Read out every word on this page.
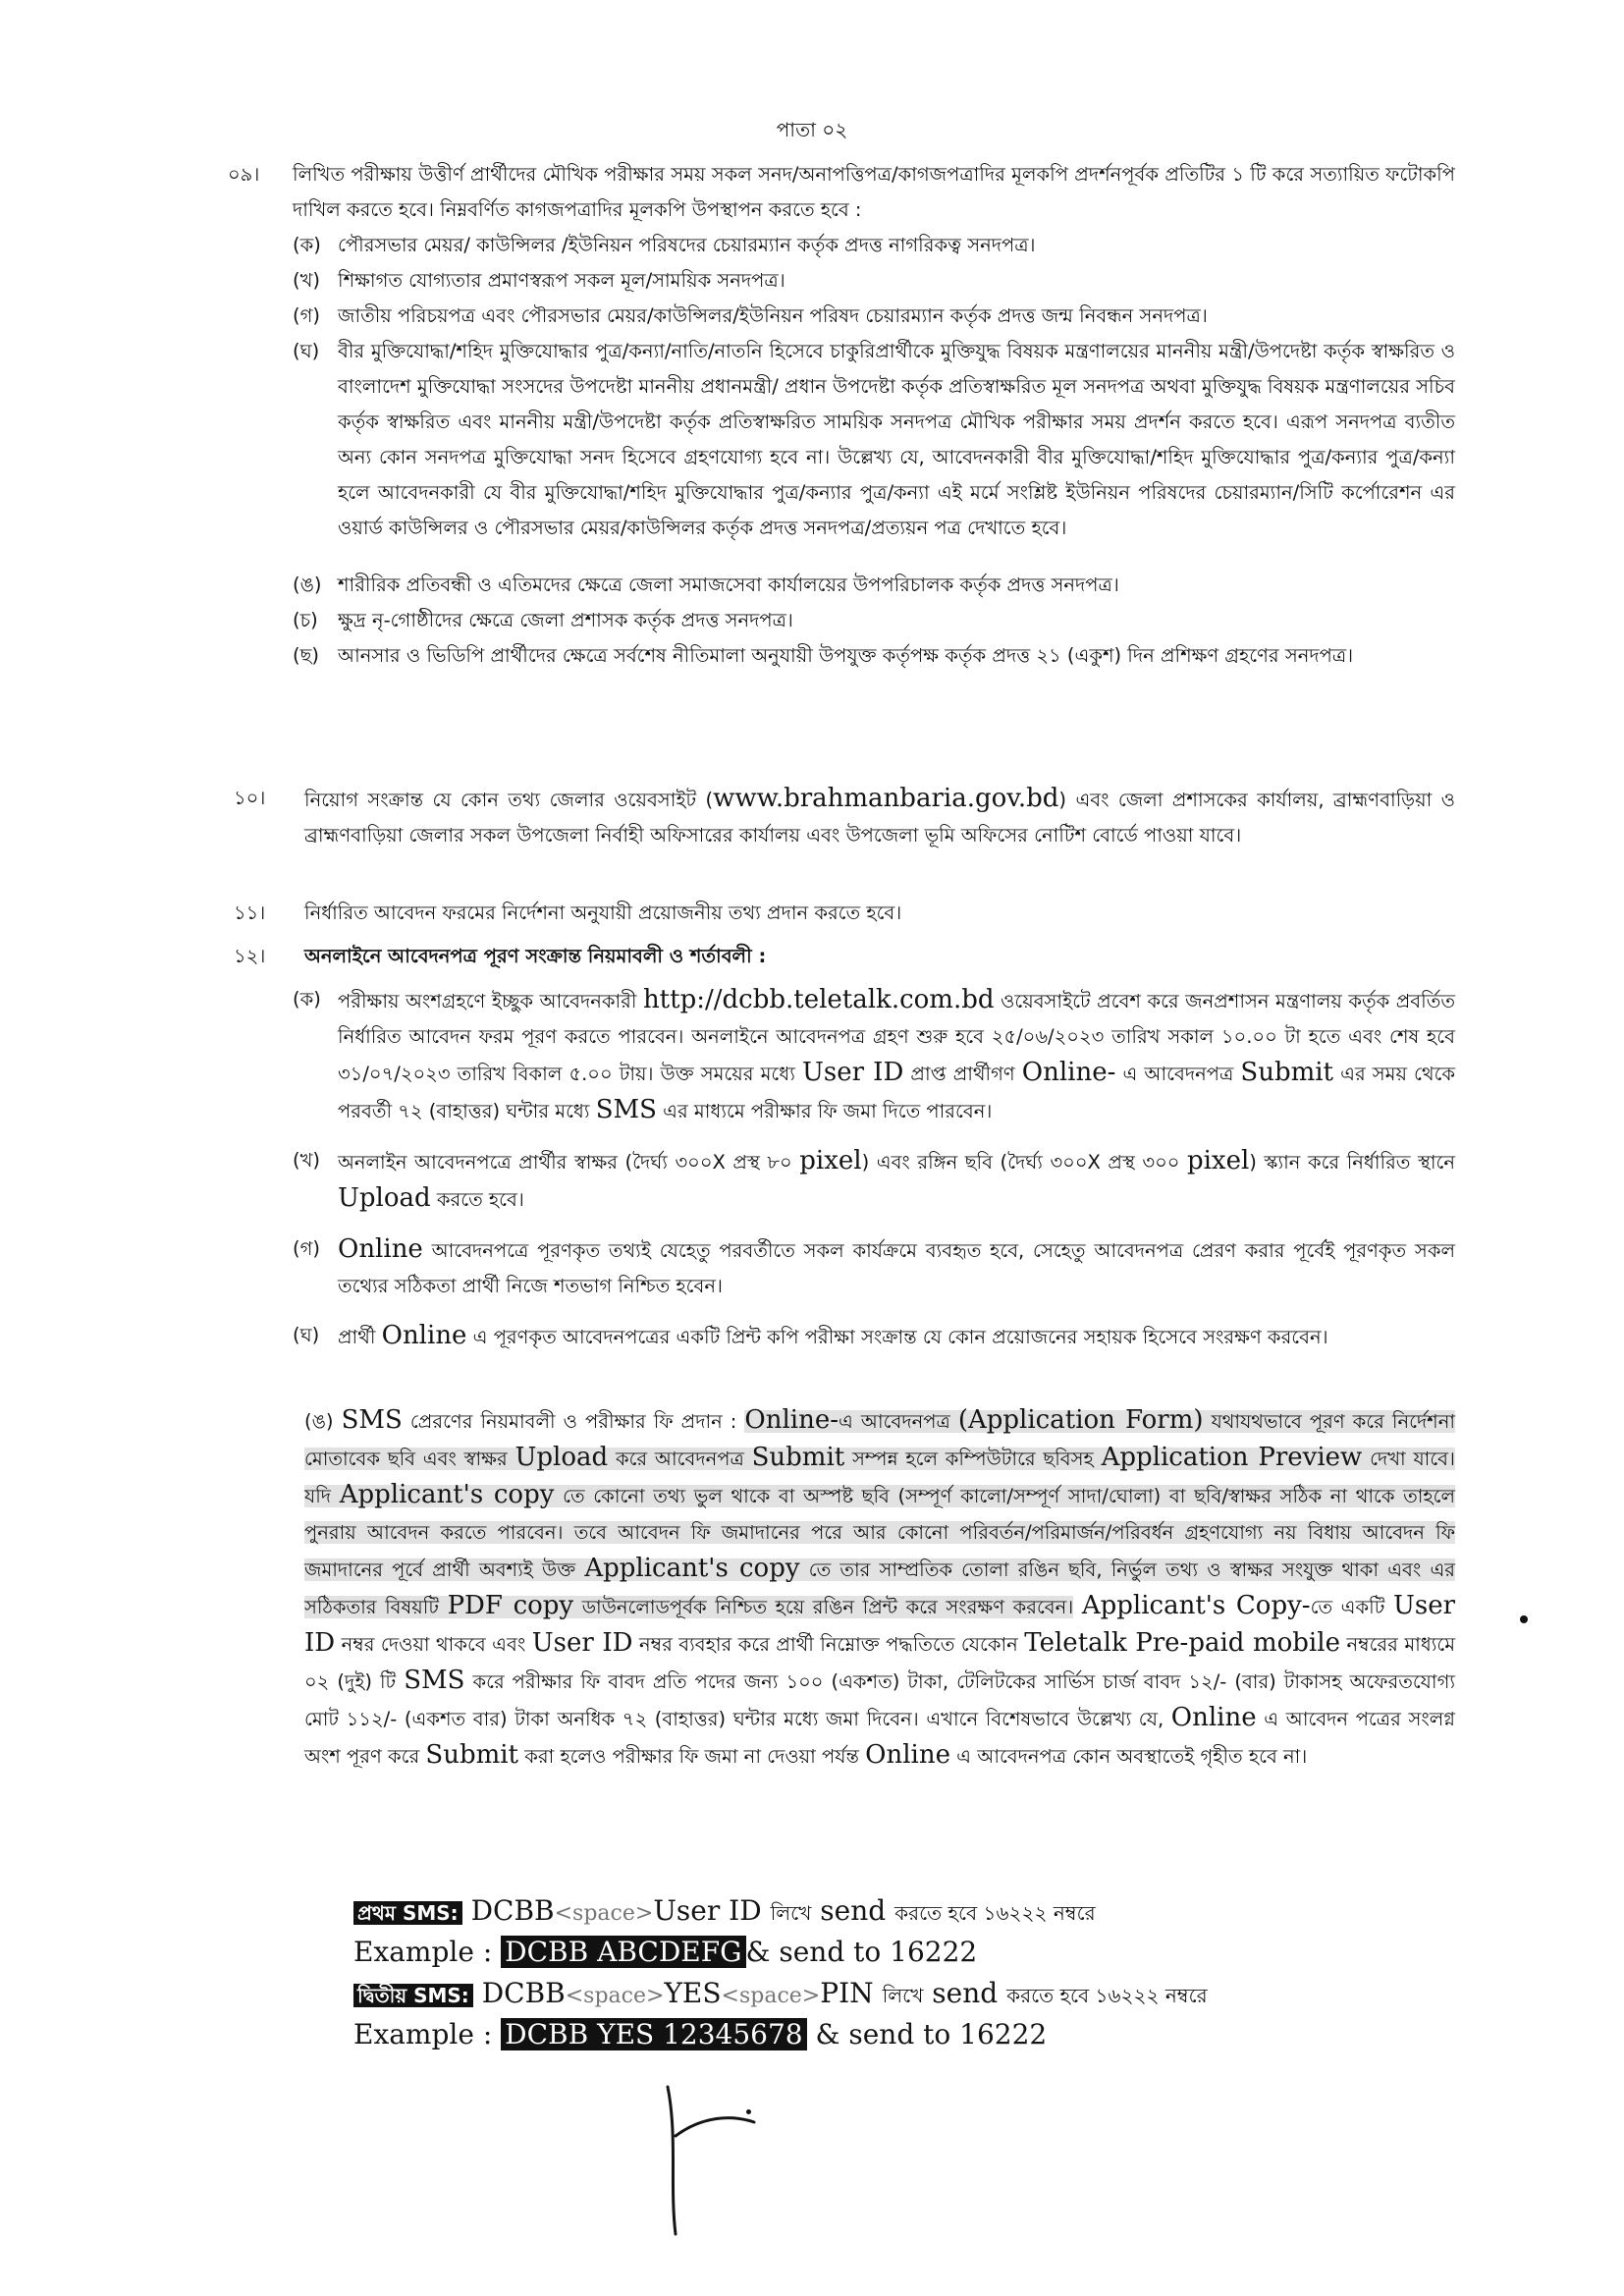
পাতা ০২
০৯। লিখিত পরীক্ষায় উত্তীর্ণ প্রার্থীদের মৌখিক পরীক্ষার সময় সকল সনদ/অনাপত্তিপত্র/কাগজপত্রাদির মূলকপি প্রদর্শনপূর্বক প্রতিটির ১ টি করে সত্যায়িত ফটোকপি দাখিল করতে হবে। নিম্নবর্ণিত কাগজপত্রাদির মূলকপি উপস্থাপন করতে হবে :
(ক) পৌরসভার মেয়র/ কাউন্সিলর /ইউনিয়ন পরিষদের চেয়ারম্যান কর্তৃক প্রদত্ত নাগরিকত্ব সনদপত্র।
(খ) শিক্ষাগত যোগ্যতার প্রমাণস্বরূপ সকল মূল/সাময়িক সনদপত্র।
(গ) জাতীয় পরিচয়পত্র এবং পৌরসভার মেয়র/কাউন্সিলর/ইউনিয়ন পরিষদ চেয়ারম্যান কর্তৃক প্রদত্ত জন্ম নিবন্ধন সনদপত্র।
(ঘ) বীর মুক্তিযোদ্ধা/শহিদ মুক্তিযোদ্ধার পুত্র/কন্যা/নাতি/নাতনি হিসেবে চাকুরিপ্রার্থীকে মুক্তিযুদ্ধ বিষয়ক মন্ত্রণালয়ের মাননীয় মন্ত্রী/উপদেষ্টা কর্তৃক স্বাক্ষরিত ও বাংলাদেশ মুক্তিযোদ্ধা সংসদের উপদেষ্টা মাননীয় প্রধানমন্ত্রী/ প্রধান উপদেষ্টা কর্তৃক প্রতিস্বাক্ষরিত মূল সনদপত্র অথবা মুক্তিযুদ্ধ বিষয়ক মন্ত্রণালয়ের সচিব কর্তৃক স্বাক্ষরিত এবং মাননীয় মন্ত্রী/উপদেষ্টা কর্তৃক প্রতিস্বাক্ষরিত সাময়িক সনদপত্র মৌখিক পরীক্ষার সময় প্রদর্শন করতে হবে। এরূপ সনদপত্র ব্যতীত অন্য কোন সনদপত্র মুক্তিযোদ্ধা সনদ হিসেবে গ্রহণযোগ্য হবে না। উল্লেখ্য যে, আবেদনকারী বীর মুক্তিযোদ্ধা/শহিদ মুক্তিযোদ্ধার পুত্র/কন্যার পুত্র/কন্যা হলে আবেদনকারী যে বীর মুক্তিযোদ্ধা/শহিদ মুক্তিযোদ্ধার পুত্র/কন্যার পুত্র/কন্যা এই মর্মে সংশ্লিষ্ট ইউনিয়ন পরিষদের চেয়ারম্যান/সিটি কর্পোরেশন এর ওয়ার্ড কাউন্সিলর ও পৌরসভার মেয়র/কাউন্সিলর কর্তৃক প্রদত্ত সনদপত্র/প্রত্যয়ন পত্র দেখাতে হবে।
(ঙ) শারীরিক প্রতিবন্ধী ও এতিমদের ক্ষেত্রে জেলা সমাজসেবা কার্যালয়ের উপপরিচালক কর্তৃক প্রদত্ত সনদপত্র।
(চ)	ক্ষুদ্র নৃ-গোষ্ঠীদের ক্ষেত্রে জেলা প্রশাসক কর্তৃক প্রদত্ত সনদপত্র।
(ছ) আনসার ও ভিডিপি প্রার্থীদের ক্ষেত্রে সর্বশেষ নীতিমালা অনুযায়ী উপযুক্ত কর্তৃপক্ষ কর্তৃক প্রদত্ত ২১ (একুশ) দিন প্রশিক্ষণ গ্রহণের সনদপত্র।
১০। নিয়োগ সংক্রান্ত যে কোন তথ্য জেলার ওয়েবসাইট (www.brahmanbaria.gov.bd) এবং জেলা প্রশাসকের কার্যালয়, ব্রাহ্মণবাড়িয়া ও ব্রাহ্মণবাড়িয়া জেলার সকল উপজেলা নির্বাহী অফিসারের কার্যালয় এবং উপজেলা ভূমি অফিসের নোটিশ বোর্ডে পাওয়া যাবে।
১১। নির্ধারিত আবেদন ফরমের নির্দেশনা অনুযায়ী প্রয়োজনীয় তথ্য প্রদান করতে হবে।
১২। অনলাইনে আবেদনপত্র পূরণ সংক্রান্ত নিয়মাবলী ও শর্তাবলী :
(ক) পরীক্ষায় অংশগ্রহণে ইচ্ছুক আবেদনকারী http://dcbb.teletalk.com.bd ওয়েবসাইটে প্রবেশ করে জনপ্রশাসন মন্ত্রণালয় কর্তৃক প্রবর্তিত নির্ধারিত আবেদন ফরম পূরণ করতে পারবেন। অনলাইনে আবেদনপত্র গ্রহণ শুরু হবে ২৫/০৬/২০২৩ তারিখ সকাল ১০.০০ টা হতে এবং শেষ হবে ৩১/০৭/২০২৩ তারিখ বিকাল ৫.০০ টায়। উক্ত সময়ের মধ্যে User ID প্রাপ্ত প্রার্থীগণ Online- এ আবেদনপত্র Submit এর সময় থেকে পরবর্তী ৭২ (বাহাত্তর) ঘন্টার মধ্যে SMS এর মাধ্যমে পরীক্ষার ফি জমা দিতে পারবেন।
(খ) অনলাইন আবেদনপত্রে প্রার্থীর স্বাক্ষর (দৈর্ঘ্য ৩০০X প্রস্থ ৮০ pixel) এবং রঙ্গিন ছবি (দৈর্ঘ্য ৩০০X প্রস্থ ৩০০ pixel) স্ক্যান করে নির্ধারিত স্থানে Upload করতে হবে।
(গ) Online আবেদনপত্রে পূরণকৃত তথ্যই যেহেতু পরবর্তীতে সকল কার্যক্রমে ব্যবহৃত হবে, সেহেতু আবেদনপত্র প্রেরণ করার পূর্বেই পূরণকৃত সকল তথ্যের সঠিকতা প্রার্থী নিজে শতভাগ নিশ্চিত হবেন।
(ঘ) প্রার্থী Online এ পূরণকৃত আবেদনপত্রের একটি প্রিন্ট কপি পরীক্ষা সংক্রান্ত যে কোন প্রয়োজনের সহায়ক হিসেবে সংরক্ষণ করবেন।
(ঙ) SMS প্রেরণের নিয়মাবলী ও পরীক্ষার ফি প্রদান : Online-এ আবেদনপত্র (Application Form) যথাযথভাবে পূরণ করে নির্দেশনা মোতাবেক ছবি এবং স্বাক্ষর Upload করে আবেদনপত্র Submit সম্পন্ন হলে কম্পিউটারে ছবিসহ Application Preview দেখা যাবে। যদি Applicant's copy তে কোনো তথ্য ভুল থাকে বা অস্পষ্ট ছবি (সম্পূর্ণ কালো/সম্পূর্ণ সাদা/ঘোলা) বা ছবি/স্বাক্ষর সঠিক না থাকে তাহলে পুনরায় আবেদন করতে পারবেন। তবে আবেদন ফি জমাদানের পরে আর কোনো পরিবর্তন/পরিমার্জন/পরিবর্ধন গ্রহণযোগ্য নয় বিধায় আবেদন ফি জমাদানের পূর্বে প্রার্থী অবশ্যই উক্ত Applicant's copy তে তার সাম্প্রতিক তোলা রঙিন ছবি, নির্ভুল তথ্য ও স্বাক্ষর সংযুক্ত থাকা এবং এর সঠিকতার বিষয়টি PDF copy ডাউনলোডপূর্বক নিশ্চিত হয়ে রঙিন প্রিন্ট করে সংরক্ষণ করবেন। Applicant's Copy-তে একটি User ID নম্বর দেওয়া থাকবে এবং User ID নম্বর ব্যবহার করে প্রার্থী নিম্নোক্ত পদ্ধতিতে যেকোন Teletalk Pre-paid mobile নম্বরের মাধ্যমে ০২ (দুই) টি SMS করে পরীক্ষার ফি বাবদ প্রতি পদের জন্য ১০০ (একশত) টাকা, টেলিটকের সার্ভিস চার্জ বাবদ ১২/- (বার) টাকাসহ অফেরতযোগ্য মোট ১১২/- (একশত বার) টাকা অনধিক ৭২ (বাহাত্তর) ঘন্টার মধ্যে জমা দিবেন। এখানে বিশেষভাবে উল্লেখ্য যে, Online এ আবেদন পত্রের সংলগ্ন অংশ পূরণ করে Submit করা হলেও পরীক্ষার ফি জমা না দেওয়া পর্যন্ত Online এ আবেদনপত্র কোন অবস্থাতেই গৃহীত হবে না।
প্রথম SMS: DCBB<space>User ID লিখে send করতে হবে ১৬২২২ নম্বরে
Example : DCBB ABCDEFG & send to 16222
দ্বিতীয় SMS: DCBB<space>YES<space>PIN লিখে send করতে হবে ১৬২২২ নম্বরে
Example : DCBB YES 12345678 & send to 16222
